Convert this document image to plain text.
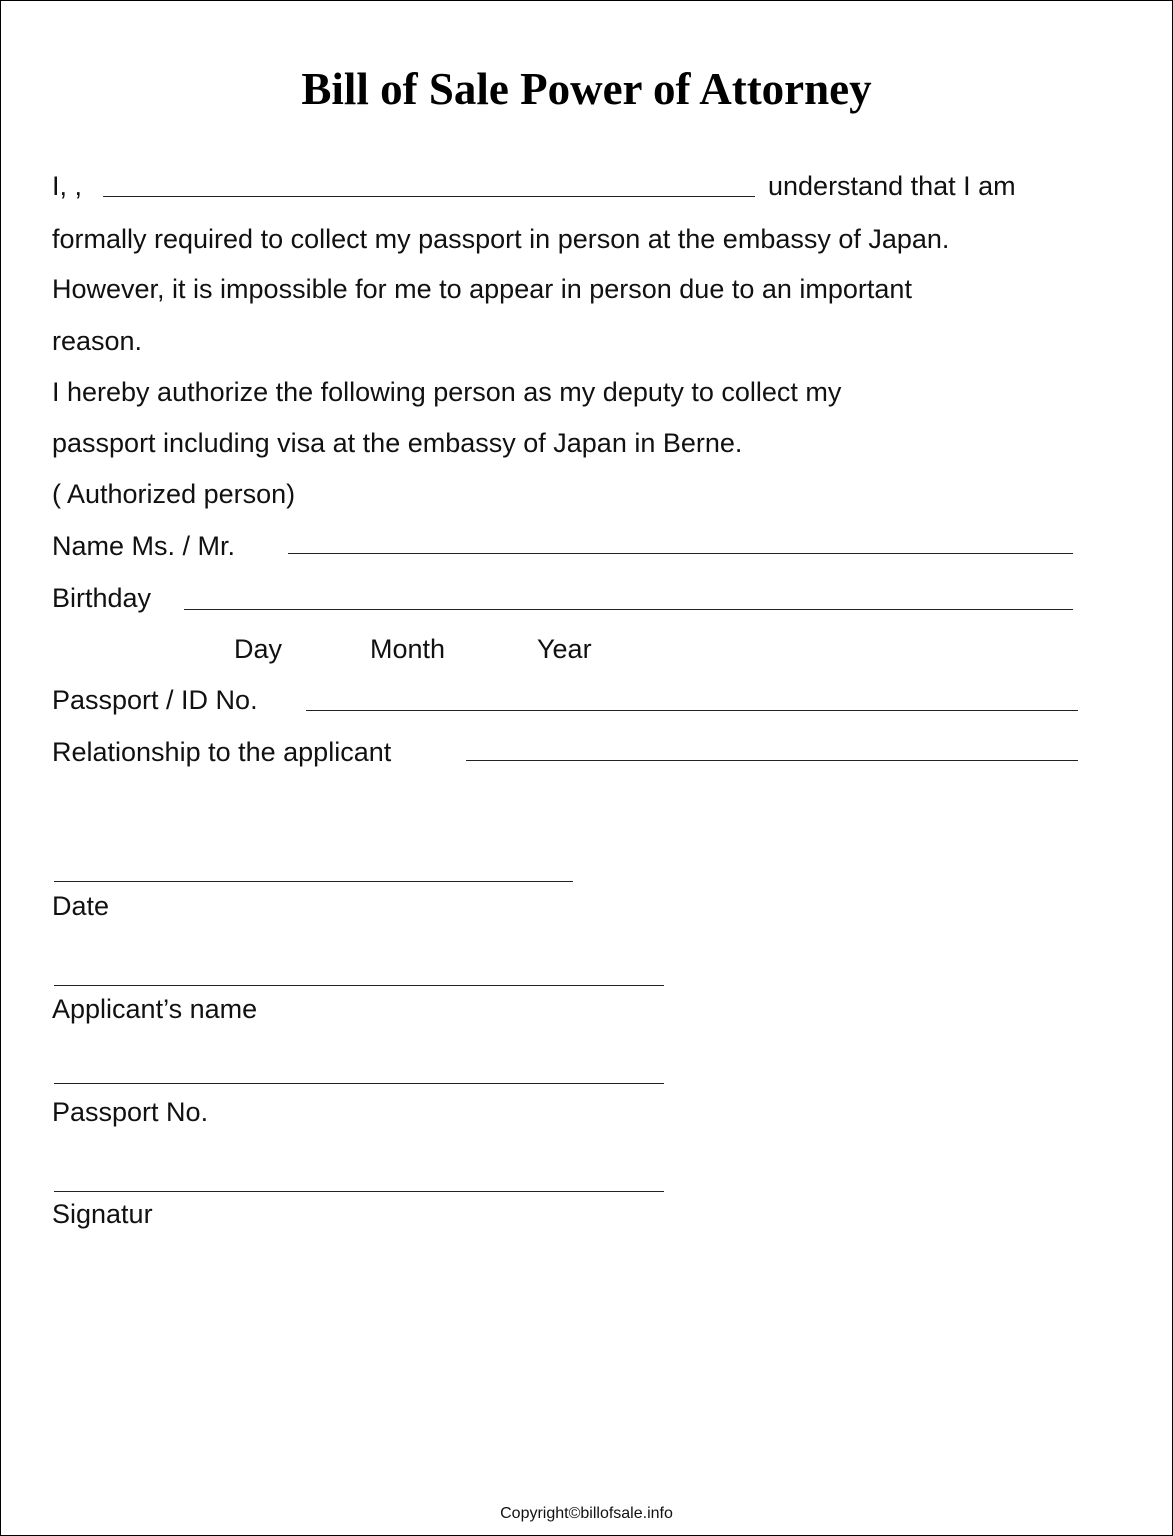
Bill of Sale Power of Attorney
I, ,	understand that I am
formally required to collect my passport in person at the embassy of Japan.
However, it is impossible for me to appear in person due to an important
reason.
I hereby authorize the following person as my deputy to collect my
passport including visa at the embassy of Japan in Berne.
( Authorized person)
Name Ms. / Mr.
Birthday
Day	Month	Year
Passport / ID No.
Relationship to the applicant
Date
Applicant’s name
Passport No.
Signatur
Copyright©billofsale.info
